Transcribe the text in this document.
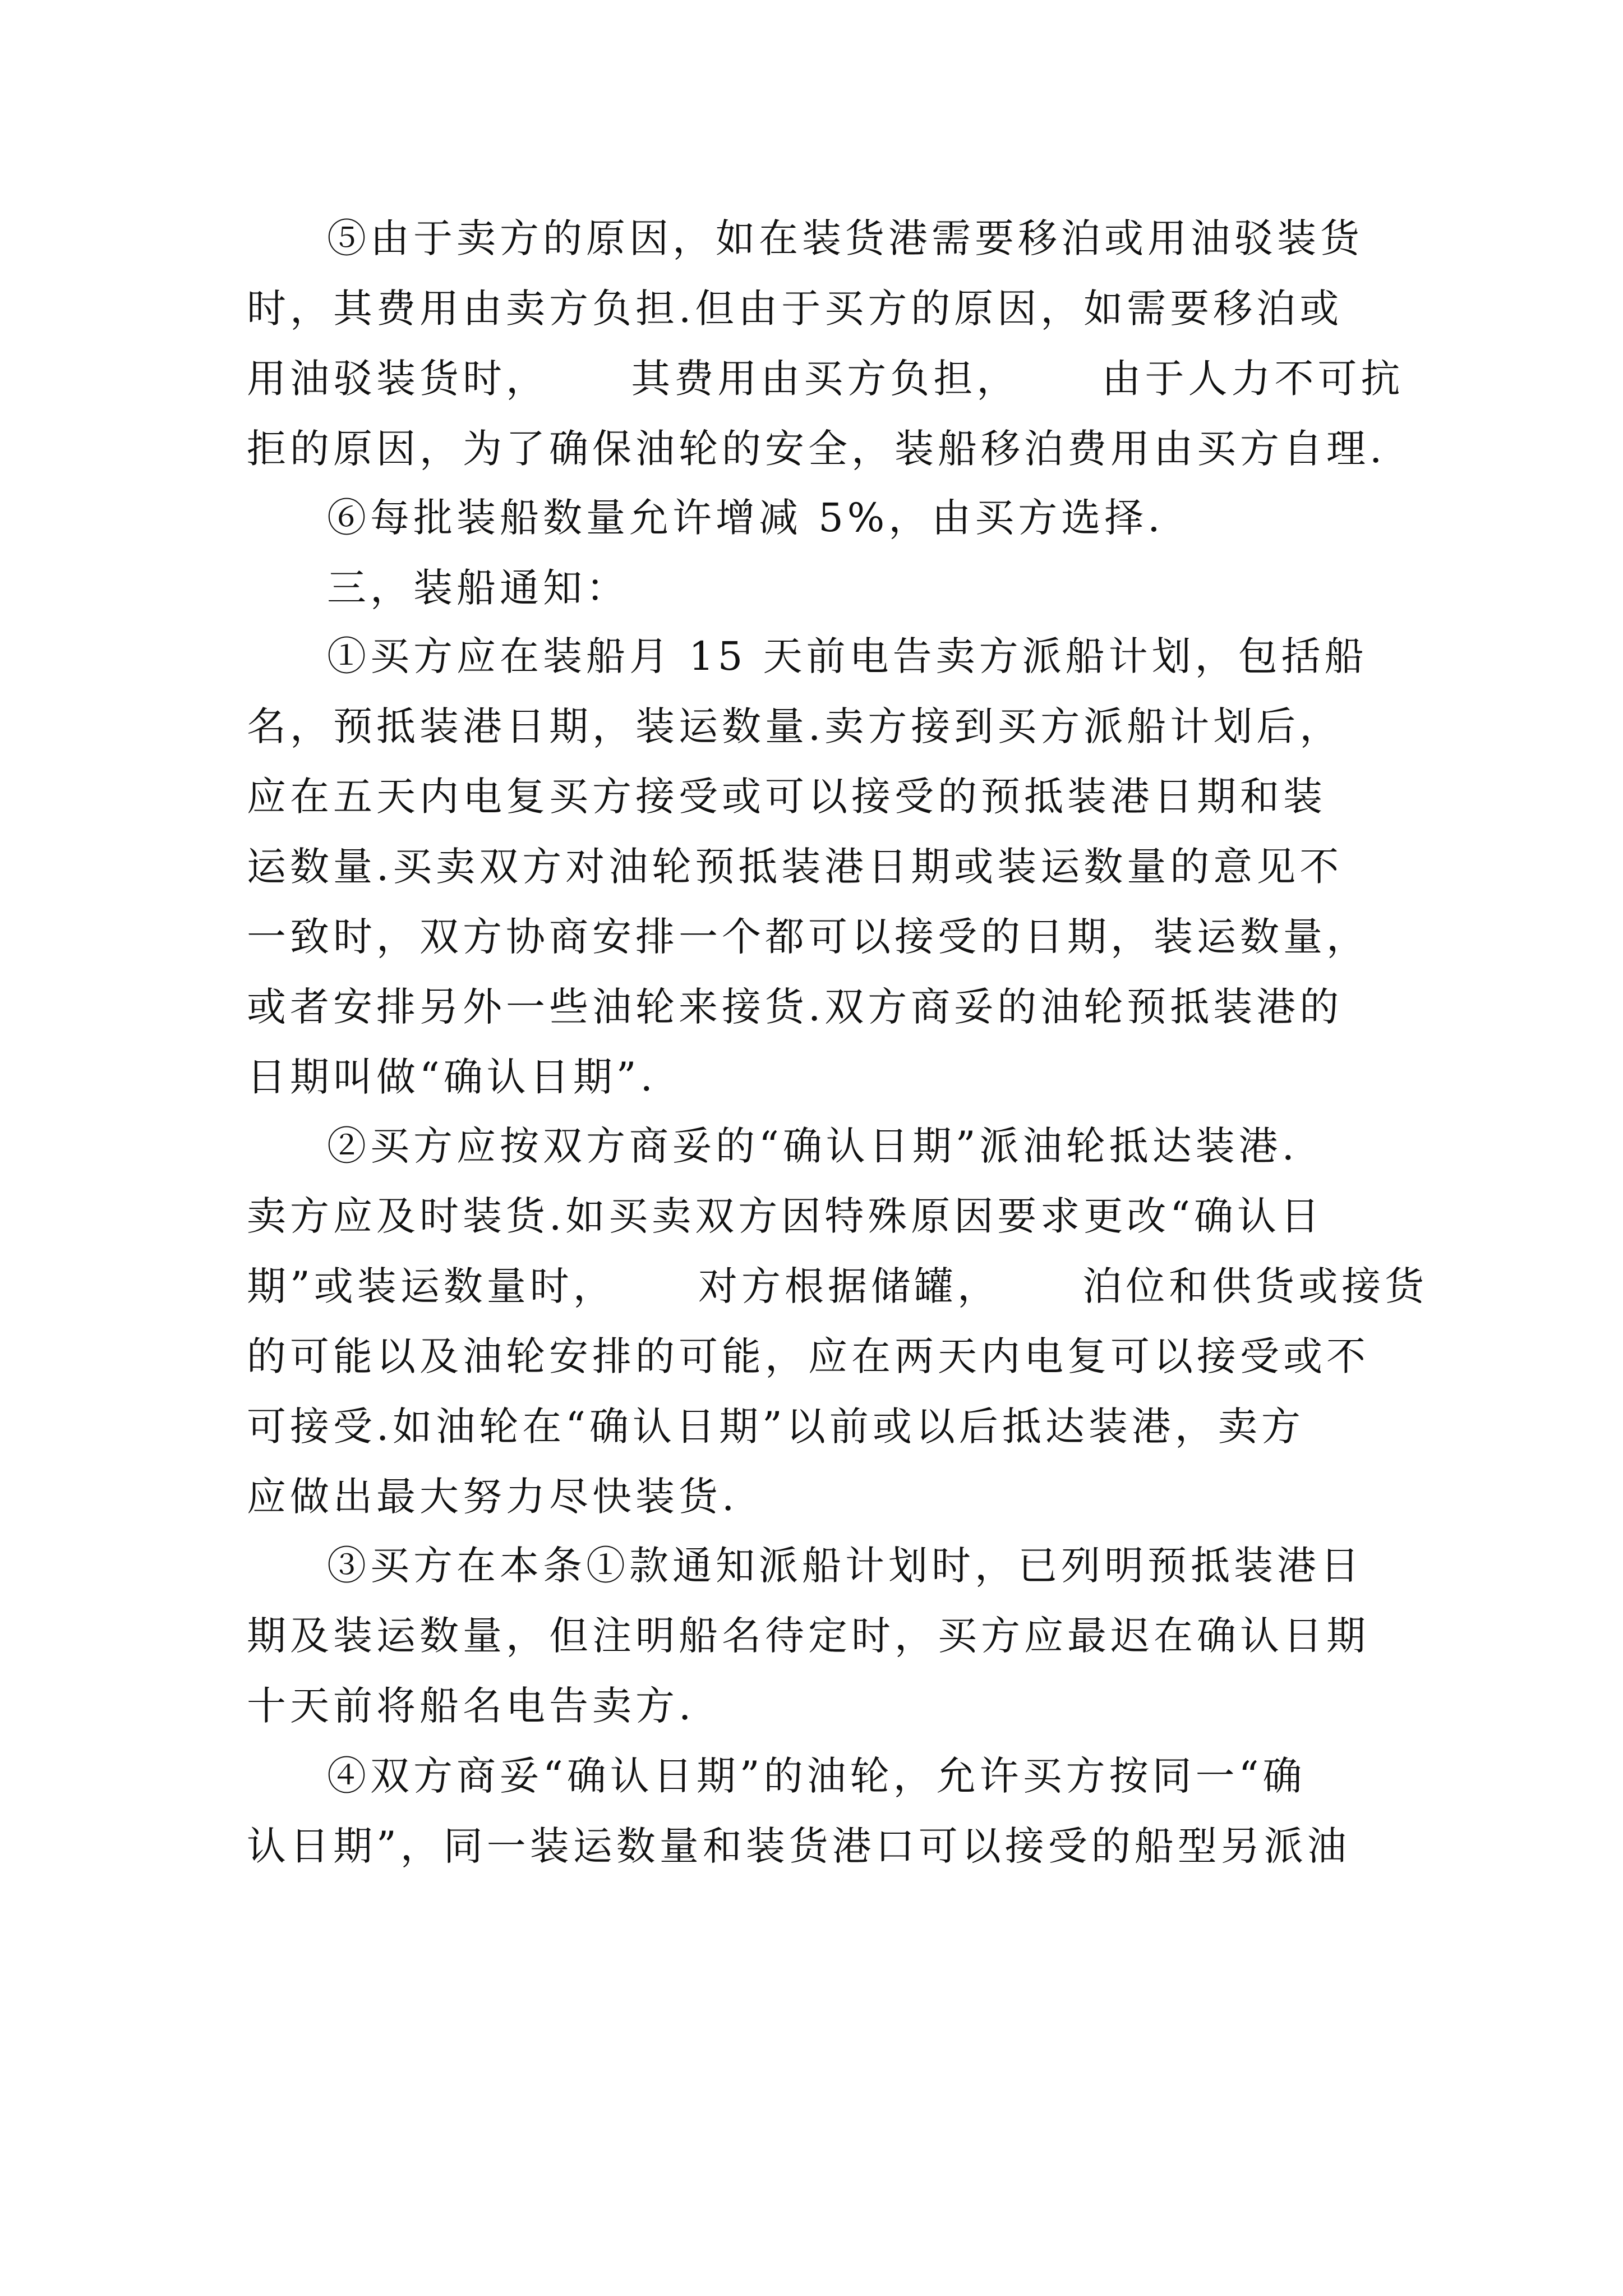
⑤由于卖方的原因，如在装货港需要移泊或用油驳装货
时，其费用由卖方负担.但由于买方的原因，如需要移泊或
用油驳装货时，     其费用由买方负担，     由于人力不可抗
拒的原因，为了确保油轮的安全，装船移泊费用由买方自理.
⑥每批装船数量允许增减 5%，由买方选择.
三，装船通知：
①买方应在装船月 15 天前电告卖方派船计划，包括船
名，预抵装港日期，装运数量.卖方接到买方派船计划后，
应在五天内电复买方接受或可以接受的预抵装港日期和装
运数量.买卖双方对油轮预抵装港日期或装运数量的意见不
一致时，双方协商安排一个都可以接受的日期，装运数量，
或者安排另外一些油轮来接货.双方商妥的油轮预抵装港的
日期叫做“确认日期”.
②买方应按双方商妥的“确认日期”派油轮抵达装港.
卖方应及时装货.如买卖双方因特殊原因要求更改“确认日
期”或装运数量时，     对方根据储罐，     泊位和供货或接货
的可能以及油轮安排的可能，应在两天内电复可以接受或不
可接受.如油轮在“确认日期”以前或以后抵达装港，卖方
应做出最大努力尽快装货.
③买方在本条①款通知派船计划时，已列明预抵装港日
期及装运数量，但注明船名待定时，买方应最迟在确认日期
十天前将船名电告卖方.
④双方商妥“确认日期”的油轮，允许买方按同一“确
认日期”，同一装运数量和装货港口可以接受的船型另派油
